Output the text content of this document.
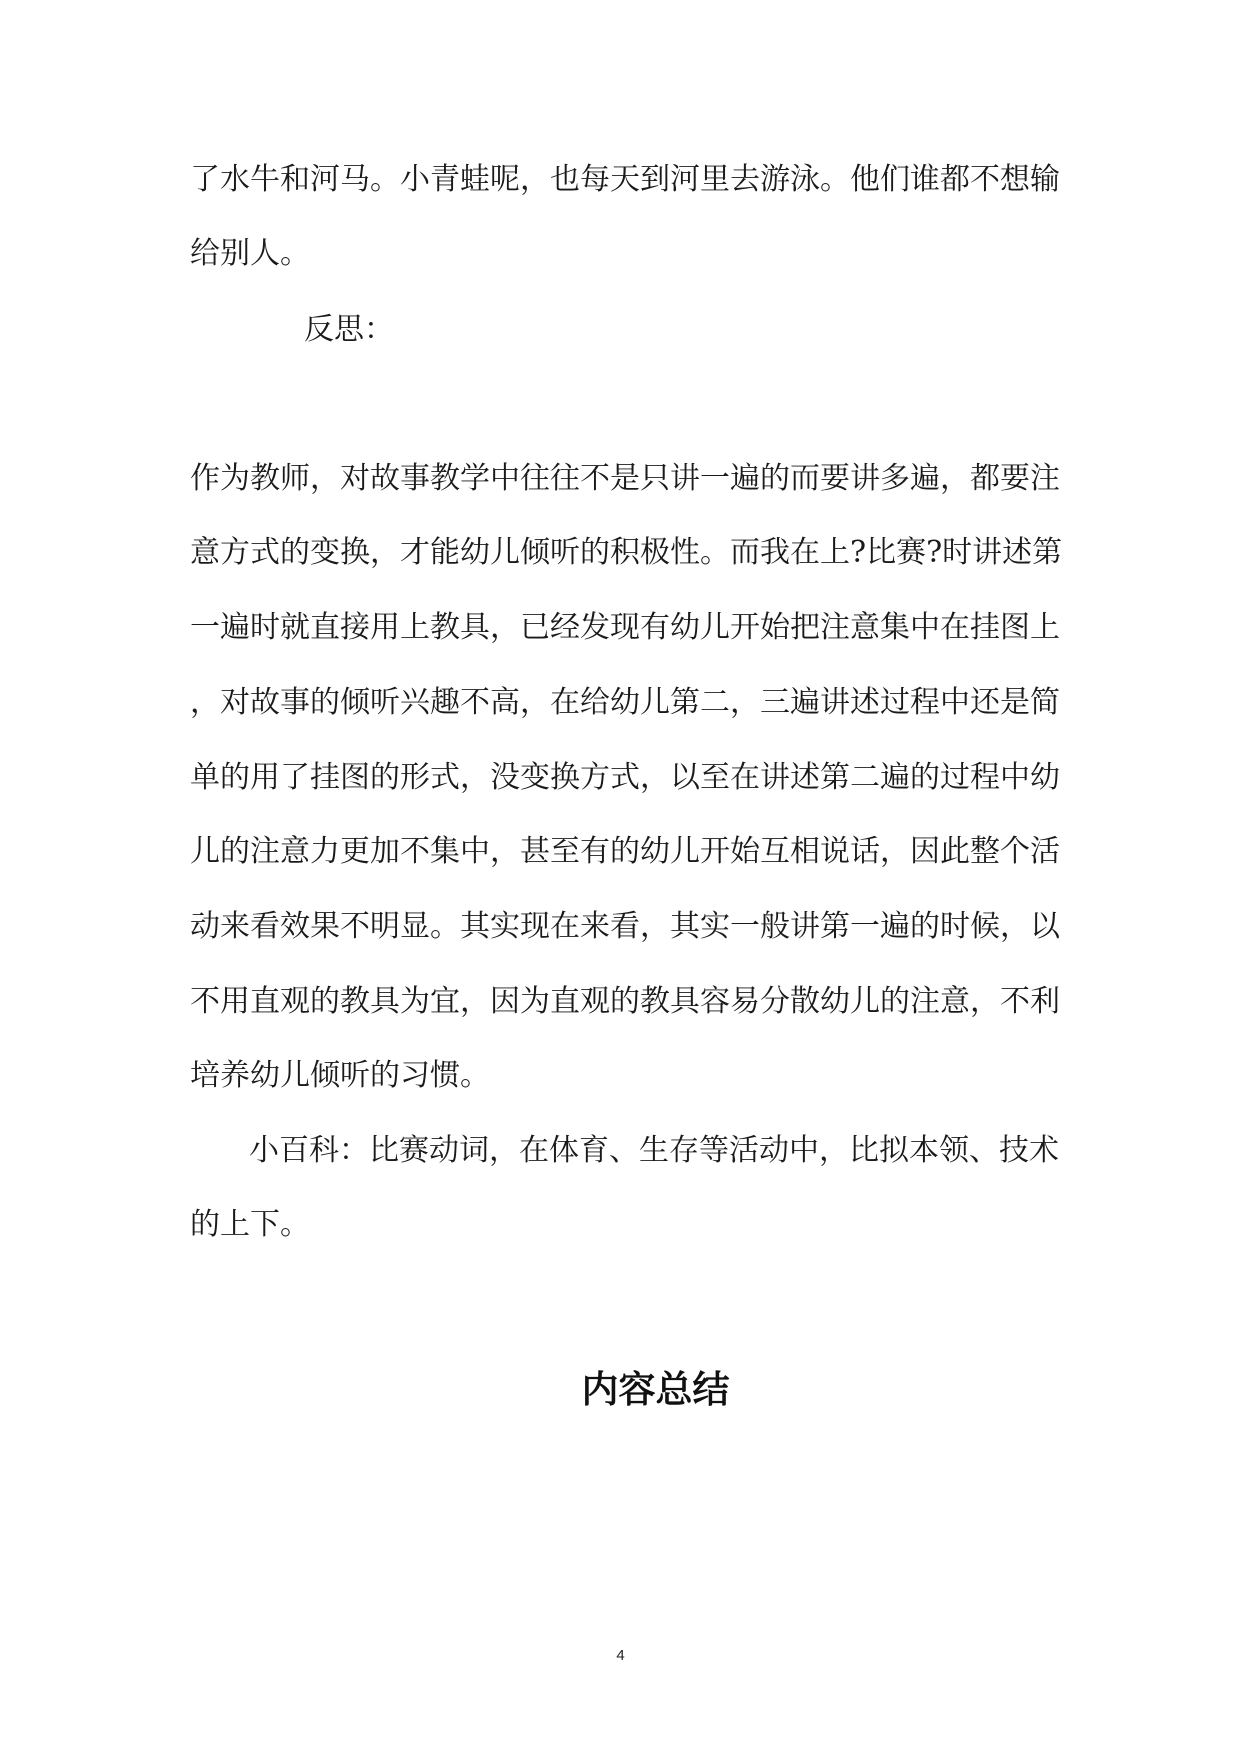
了水牛和河马。小青蛙呢，也每天到河里去游泳。他们谁都不想输
给别人。
反思：
作为教师，对故事教学中往往不是只讲一遍的而要讲多遍，都要注
意方式的变换，才能幼儿倾听的积极性。而我在上?比赛?时讲述第
一遍时就直接用上教具，已经发现有幼儿开始把注意集中在挂图上
，对故事的倾听兴趣不高，在给幼儿第二，三遍讲述过程中还是简
单的用了挂图的形式，没变换方式，以至在讲述第二遍的过程中幼
儿的注意力更加不集中，甚至有的幼儿开始互相说话，因此整个活
动来看效果不明显。其实现在来看，其实一般讲第一遍的时候，以
不用直观的教具为宜，因为直观的教具容易分散幼儿的注意，不利
培养幼儿倾听的习惯。
小百科：比赛动词，在体育、生存等活动中，比拟本领、技术
的上下。
内容总结
4
